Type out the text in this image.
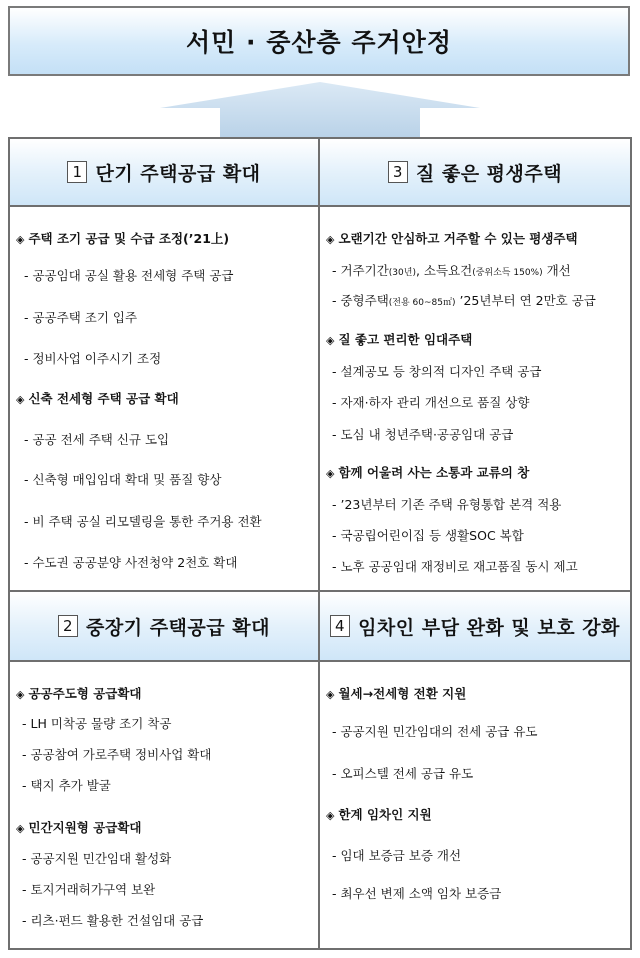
서민 · 중산층 주거안정
1 단기 주택공급 확대	3 질 좋은 평생주택
2 중장기 주택공급 확대	4 임차인 부담 완화 및 보호 강화
◈ 주택 조기 공급 및 수급 조정(’21上)
- 공공임대 공실 활용 전세형 주택 공급
- 공공주택 조기 입주
- 정비사업 이주시기 조정
◈ 신축 전세형 주택 공급 확대
- 공공 전세 주택 신규 도입
- 신축형 매입임대 확대 및 품질 향상
- 비 주택 공실 리모델링을 통한 주거용 전환
- 수도권 공공분양 사전청약 2천호 확대
◈ 오랜기간 안심하고 거주할 수 있는 평생주택
- 거주기간(30년), 소득요건(중위소득 150%) 개선
- 중형주택(전용 60~85㎡) ’25년부터 연 2만호 공급
◈ 질 좋고 편리한 임대주택
- 설계공모 등 창의적 디자인 주택 공급
- 자재·하자 관리 개선으로 품질 상향
- 도심 내 청년주택·공공임대 공급
◈ 함께 어울려 사는 소통과 교류의 창
- ’23년부터 기존 주택 유형통합 본격 적용
- 국공립어린이집 등 생활SOC 복합
- 노후 공공임대 재정비로 재고품질 동시 제고
◈ 공공주도형 공급확대
- LH 미착공 물량 조기 착공
- 공공참여 가로주택 정비사업 확대
- 택지 추가 발굴
◈ 민간지원형 공급확대
- 공공지원 민간임대 활성화
- 토지거래허가구역 보완
- 리츠·펀드 활용한 건설임대 공급
◈ 월세→전세형 전환 지원
- 공공지원 민간임대의 전세 공급 유도
- 오피스텔 전세 공급 유도
◈ 한계 임차인 지원
- 임대 보증금 보증 개선
- 최우선 변제 소액 임차 보증금
